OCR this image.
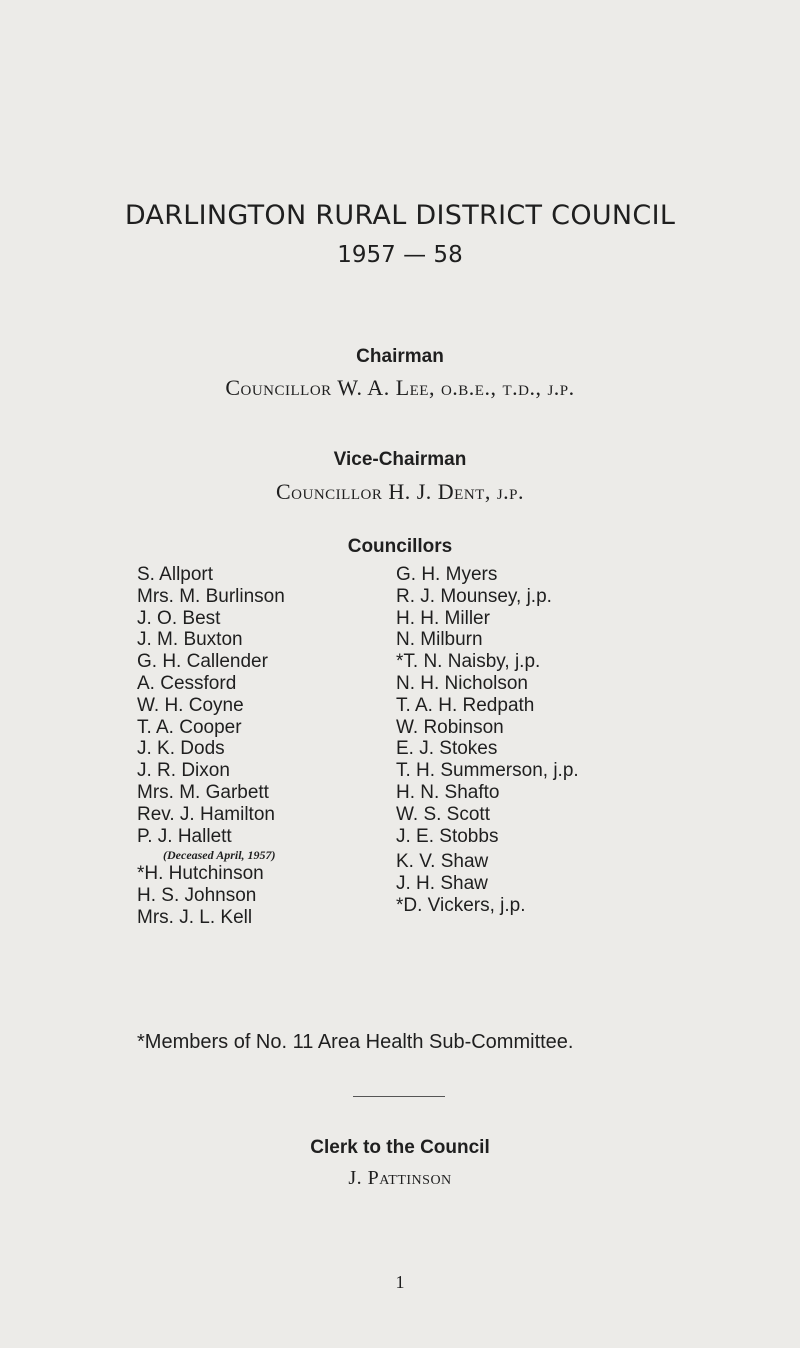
DARLINGTON RURAL DISTRICT COUNCIL
1957 — 58
Chairman
Councillor W. A. Lee, o.b.e., t.d., j.p.
Vice-Chairman
Councillor H. J. Dent, j.p.
Councillors
S. Allport
Mrs. M. Burlinson
J. O. Best
J. M. Buxton
G. H. Callender
A. Cessford
W. H. Coyne
T. A. Cooper
J. K. Dods
J. R. Dixon
Mrs. M. Garbett
Rev. J. Hamilton
P. J. Hallett
(Deceased April, 1957)
*H. Hutchinson
H. S. Johnson
Mrs. J. L. Kell
G. H. Myers
R. J. Mounsey, j.p.
H. H. Miller
N. Milburn
*T. N. Naisby, j.p.
N. H. Nicholson
T. A. H. Redpath
W. Robinson
E. J. Stokes
T. H. Summerson, j.p.
H. N. Shafto
W. S. Scott
J. E. Stobbs
K. V. Shaw
J. H. Shaw
*D. Vickers, j.p.
*Members of No. 11 Area Health Sub-Committee.
Clerk to the Council
J. Pattinson
1
